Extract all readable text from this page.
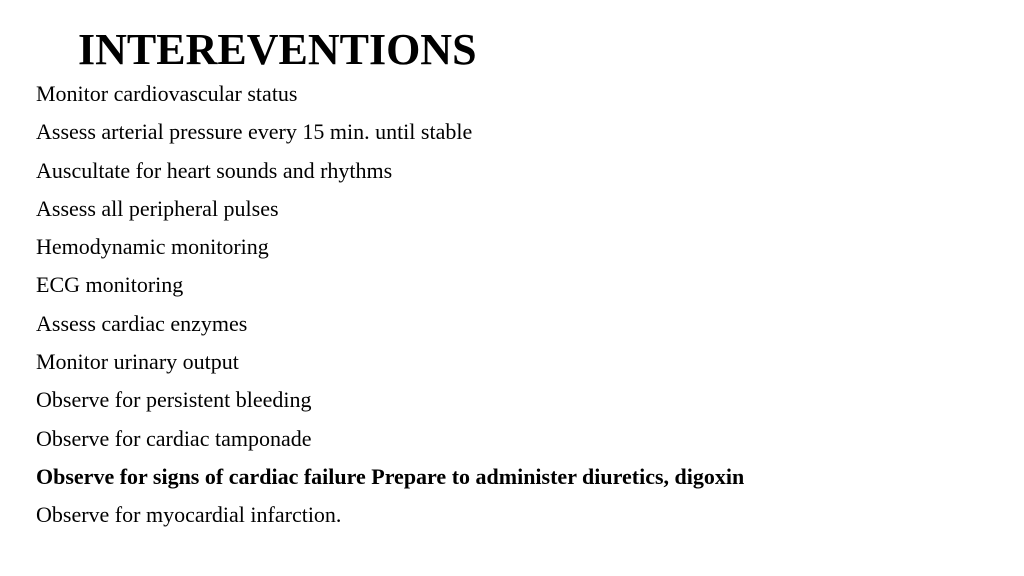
INTEREVENTIONS
Monitor cardiovascular status
Assess arterial pressure every 15 min. until stable
Auscultate for heart sounds and rhythms
Assess all peripheral pulses
Hemodynamic monitoring
ECG monitoring
Assess cardiac enzymes
Monitor urinary output
Observe for persistent bleeding
Observe for cardiac tamponade
Observe for signs of cardiac failure Prepare to administer diuretics, digoxin
Observe for myocardial infarction.
